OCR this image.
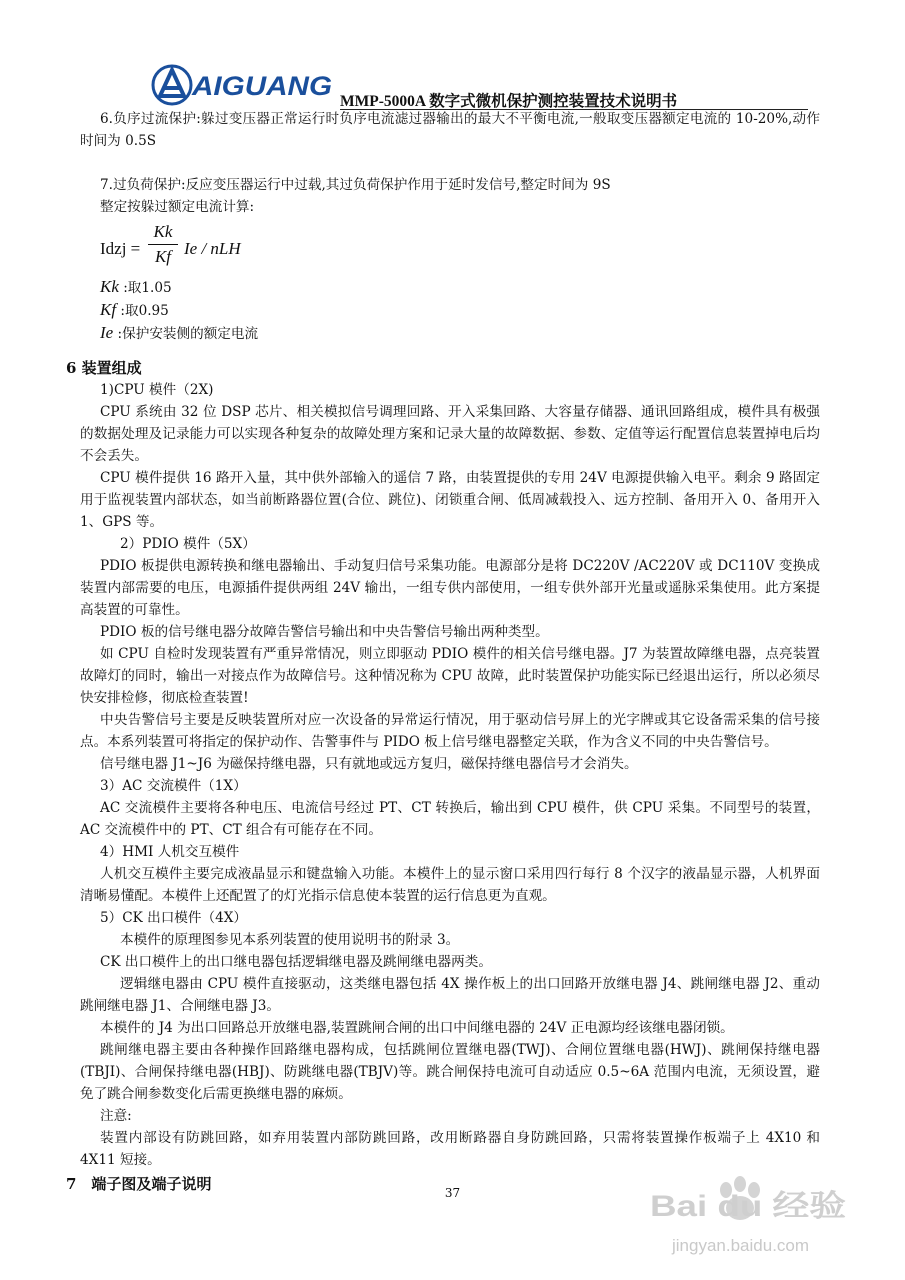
AIGUANG
MMP-5000A 数字式微机保护测控装置技术说明书

6.负序过流保护:躲过变压器正常运行时负序电流滤过器输出的最大不平衡电流,一般取变压器额定电流的 10-20%,动作时间为 0.5S

7.过负荷保护:反应变压器运行中过载,其过负荷保护作用于延时发信号,整定时间为 9S

整定按躲过额定电流计算:

Idzj =
Kk
Kf Ie / nLH
Kk :取1.05
Kf :取0.95
Ie :保护安装侧的额定电流
6 装置组成

1)CPU 模件（2X)

CPU 系统由 32 位 DSP 芯片、相关模拟信号调理回路、开入采集回路、大容量存储器、通讯回路组成，模件具有极强的数据处理及记录能力可以实现各种复杂的故障处理方案和记录大量的故障数据、参数、定值等运行配置信息装置掉电后均不会丢失。

CPU 模件提供 16 路开入量，其中供外部输入的遥信 7 路，由装置提供的专用 24V 电源提供输入电平。剩余 9 路固定用于监视装置内部状态，如当前断路器位置(合位、跳位)、闭锁重合闸、低周减载投入、远方控制、备用开入 0、备用开入 1、GPS 等。

2）PDIO 模件（5X）

PDIO 板提供电源转换和继电器输出、手动复归信号采集功能。电源部分是将 DC220V /AC220V 或 DC110V 变换成装置内部需要的电压，电源插件提供两组 24V 输出，一组专供内部使用，一组专供外部开光量或遥脉采集使用。此方案提高装置的可靠性。

PDIO 板的信号继电器分故障告警信号输出和中央告警信号输出两种类型。

如 CPU 自检时发现装置有严重异常情况，则立即驱动 PDIO 模件的相关信号继电器。J7 为装置故障继电器，点亮装置故障灯的同时，输出一对接点作为故障信号。这种情况称为 CPU 故障，此时装置保护功能实际已经退出运行，所以必须尽快安排检修，彻底检查装置!

中央告警信号主要是反映装置所对应一次设备的异常运行情况，用于驱动信号屏上的光字牌或其它设备需采集的信号接点。本系列装置可将指定的保护动作、告警事件与 PIDO 板上信号继电器整定关联，作为含义不同的中央告警信号。

信号继电器 J1~J6 为磁保持继电器，只有就地或远方复归，磁保持继电器信号才会消失。

3）AC 交流模件（1X）

AC 交流模件主要将各种电压、电流信号经过 PT、CT 转换后，输出到 CPU 模件，供 CPU 采集。不同型号的装置，AC 交流模件中的 PT、CT 组合有可能存在不同。

4）HMI 人机交互模件

人机交互模件主要完成液晶显示和键盘输入功能。本模件上的显示窗口采用四行每行 8 个汉字的液晶显示器，人机界面清晰易懂配。本模件上还配置了的灯光指示信息使本装置的运行信息更为直观。

5）CK 出口模件（4X）

本模件的原理图参见本系列装置的使用说明书的附录 3。

CK 出口模件上的出口继电器包括逻辑继电器及跳闸继电器两类。

逻辑继电器由 CPU 模件直接驱动，这类继电器包括 4X 操作板上的出口回路开放继电器 J4、跳闸继电器 J2、重动跳闸继电器 J1、合闸继电器 J3。

本模件的 J4 为出口回路总开放继电器,装置跳闸合闸的出口中间继电器的 24V 正电源均经该继电器闭锁。

跳闸继电器主要由各种操作回路继电器构成，包括跳闸位置继电器(TWJ)、合闸位置继电器(HWJ)、跳闸保持继电器(TBJI)、合闸保持继电器(HBJ)、防跳继电器(TBJV)等。跳合闸保持电流可自动适应 0.5~6A 范围内电流，无须设置，避免了跳合闸参数变化后需更换继电器的麻烦。

注意:

装置内部设有防跳回路，如弃用装置内部防跳回路，改用断路器自身防跳回路，只需将装置操作板端子上 4X10 和 4X11 短接。

7　端子图及端子说明	37	Bai du 经验
jingyan.baidu.com
